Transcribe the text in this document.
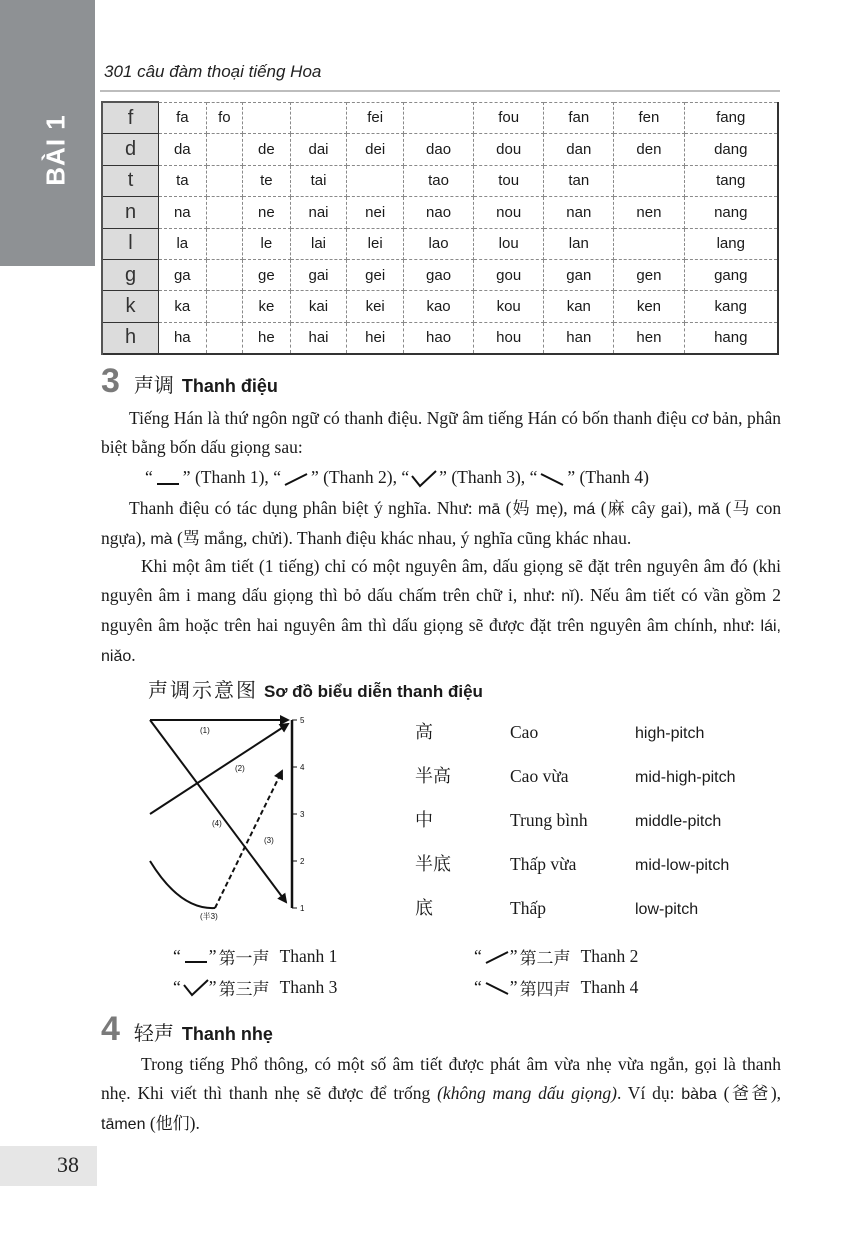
BÀI 1
301 câu đàm thoại tiếng Hoa
f	fa	fo			fei		fou	fan	fen	fang
d	da		de	dai	dei	dao	dou	dan	den	dang
t	ta		te	tai		tao	tou	tan		tang
n	na		ne	nai	nei	nao	nou	nan	nen	nang
l	la		le	lai	lei	lao	lou	lan		lang
g	ga		ge	gai	gei	gao	gou	gan	gen	gang
k	ka		ke	kai	kei	kao	kou	kan	ken	kang
h	ha		he	hai	hei	hao	hou	han	hen	hang
3 声调 Thanh điệu
Tiếng Hán là thứ ngôn ngữ có thanh điệu. Ngữ âm tiếng Hán có bốn thanh điệu cơ bản, phân biệt bằng bốn dấu giọng sau:
“ ” (Thanh 1), “ ” (Thanh 2), “ ” (Thanh 3), “ ” (Thanh 4)
Thanh điệu có tác dụng phân biệt ý nghĩa. Như: mā (妈 mẹ), má (麻 cây gai), mǎ (马 con ngựa), mà (骂 mắng, chửi). Thanh điệu khác nhau, ý nghĩa cũng khác nhau.
Khi một âm tiết (1 tiếng) chỉ có một nguyên âm, dấu giọng sẽ đặt trên nguyên âm đó (khi nguyên âm i mang dấu giọng thì bỏ dấu chấm trên chữ i, như: nǐ). Nếu âm tiết có vần gồm 2 nguyên âm hoặc trên hai nguyên âm thì dấu giọng sẽ được đặt trên nguyên âm chính, như: lái, niǎo.
声调示意图 Sơ đồ biểu diễn thanh điệu
5
4
3
2
1
(1)
(2)
(4)
(3)
(半3)
高	Cao	high-pitch
半高	Cao vừa	mid-high-pitch
中	Trung bình	middle-pitch
半底	Thấp vừa	mid-low-pitch
底	Thấp	low-pitch
“ ” 第一声 Thanh 1	“ ” 第二声 Thanh 2
“ ” 第三声 Thanh 3	“ ” 第四声 Thanh 4
4 轻声 Thanh nhẹ
Trong tiếng Phổ thông, có một số âm tiết được phát âm vừa nhẹ vừa ngắn, gọi là thanh nhẹ. Khi viết thì thanh nhẹ sẽ được để trống (không mang dấu giọng). Ví dụ: bàba (爸爸), tāmen (他们).
38
